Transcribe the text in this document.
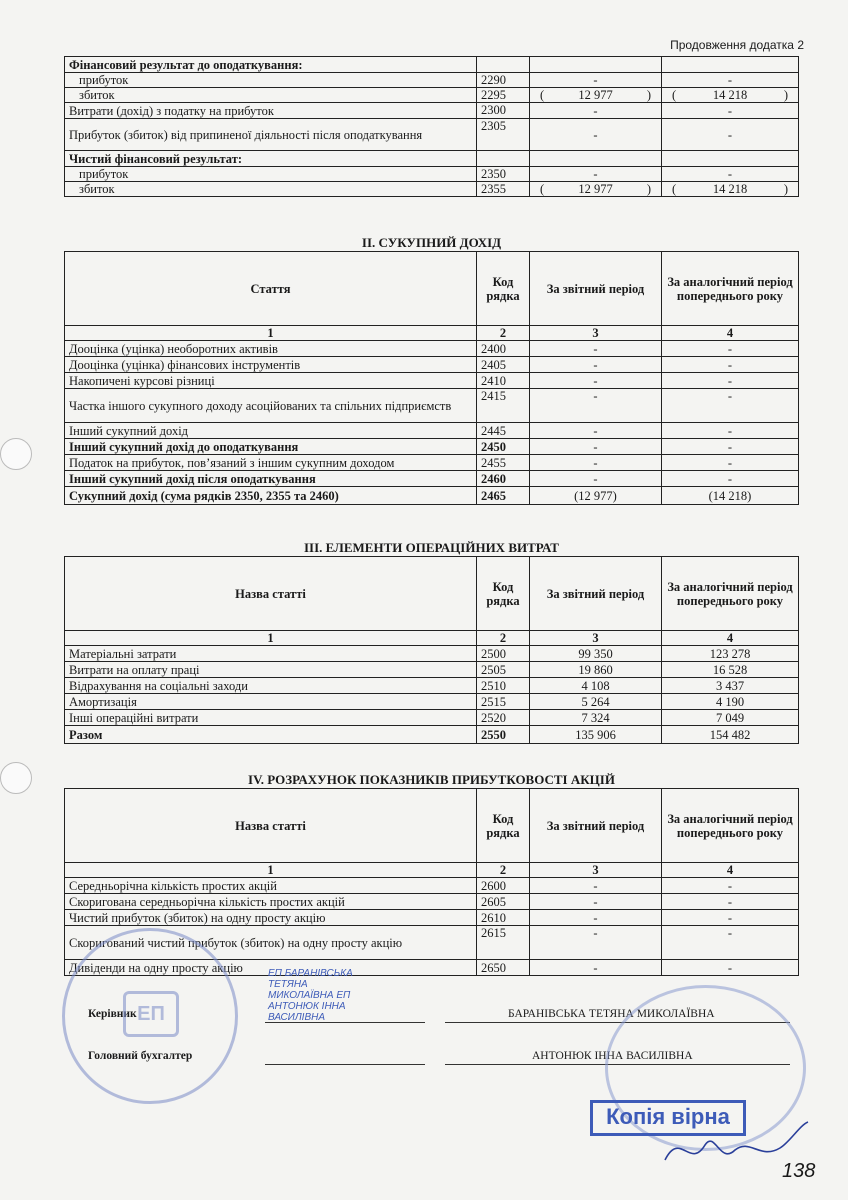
Продовження додатка 2
Фінансовий результат до оподаткування:			
прибуток	2290	-	-
збиток	2295	( 12 977 )	( 14 218 )

Витрати (дохід) з податку на прибуток	2300	-	-
Прибуток (збиток) від припиненої діяльності після оподаткування	2305	-	-
Чистий фінансовий результат:			
прибуток	2350	-	-
збиток	2355	( 12 977 )	( 14 218 )
II. СУКУПНИЙ ДОХІД
Стаття	Код рядка	За звітний період	За аналогічний період попереднього року
1	2	3	4
Дооцінка (уцінка) необоротних активів	2400	-	-
Дооцінка (уцінка) фінансових інструментів	2405	-	-
Накопичені курсові різниці	2410	-	-
Частка іншого сукупного доходу асоційованих та спільних підприємств	2415	-	-
Інший сукупний дохід	2445	-	-
Інший сукупний дохід до оподаткування	2450	-	-
Податок на прибуток, пов’язаний з іншим сукупним доходом	2455	-	-
Інший сукупний дохід після оподаткування	2460	-	-
Сукупний дохід (сума рядків 2350, 2355 та 2460)	2465	(12 977)	(14 218)
III. ЕЛЕМЕНТИ ОПЕРАЦІЙНИХ ВИТРАТ
Назва статті	Код рядка	За звітний період	За аналогічний період попереднього року
1	2	3	4
Матеріальні затрати	2500	99 350	123 278
Витрати на оплату праці	2505	19 860	16 528
Відрахування на соціальні заходи	2510	4 108	3 437
Амортизація	2515	5 264	4 190
Інші операційні витрати	2520	7 324	7 049
Разом	2550	135 906	154 482
IV. РОЗРАХУНОК ПОКАЗНИКІВ ПРИБУТКОВОСТІ АКЦІЙ
Назва статті	Код рядка	За звітний період	За аналогічний період попереднього року
1	2	3	4
Середньорічна кількість простих акцій	2600	-	-
Скоригована середньорічна кількість простих акцій	2605	-	-
Чистий прибуток (збиток) на одну просту акцію	2610	-	-
Скоригований чистий прибуток (збиток) на одну просту акцію	2615	-	-
Дивіденди на одну просту акцію	2650	-	-
Керівник	БАРАНІВСЬКА ТЕТЯНА МИКОЛАЇВНА
Головний бухгалтер	АНТОНЮК ІННА ВАСИЛІВНА
ЕП БАРАНІВСЬКА ТЕТЯНА МИКОЛАЇВНА ЕП АНТОНЮК ІННА ВАСИЛІВНА
ЕП
Копія вірна
138
